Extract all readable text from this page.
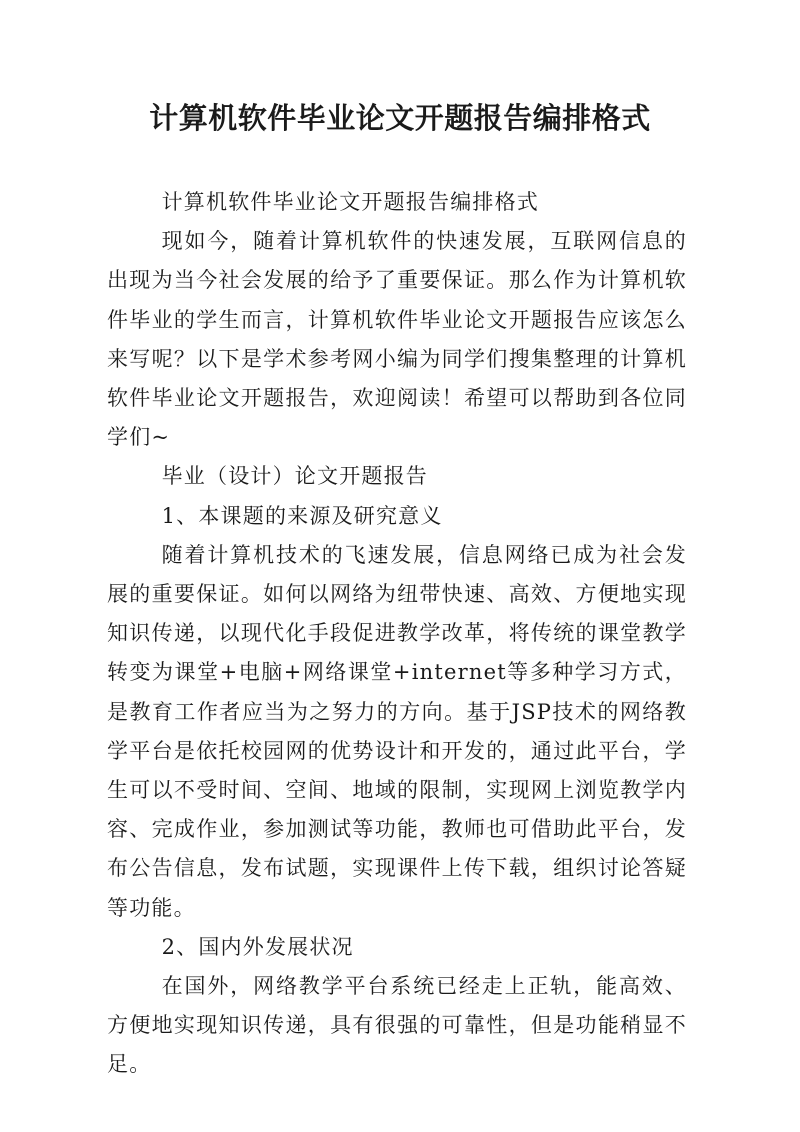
计算机软件毕业论文开题报告编排格式

计算机软件毕业论文开题报告编排格式

现如今，随着计算机软件的快速发展，互联网信息的出现为当今社会发展的给予了重要保证。那么作为计算机软件毕业的学生而言，计算机软件毕业论文开题报告应该怎么来写呢？以下是学术参考网小编为同学们搜集整理的计算机软件毕业论文开题报告，欢迎阅读！希望可以帮助到各位同学们~

毕业（设计）论文开题报告

1、本课题的来源及研究意义

随着计算机技术的飞速发展，信息网络已成为社会发展的重要保证。如何以网络为纽带快速、高效、方便地实现知识传递，以现代化手段促进教学改革，将传统的课堂教学转变为课堂+电脑+网络课堂+internet等多种学习方式，是教育工作者应当为之努力的方向。基于JSP技术的网络教学平台是依托校园网的优势设计和开发的，通过此平台，学生可以不受时间、空间、地域的限制，实现网上浏览教学内容、完成作业，参加测试等功能，教师也可借助此平台，发布公告信息，发布试题，实现课件上传下载，组织讨论答疑等功能。

2、国内外发展状况

在国外，网络教学平台系统已经走上正轨，能高效、方便地实现知识传递，具有很强的可靠性，但是功能稍显不足。
